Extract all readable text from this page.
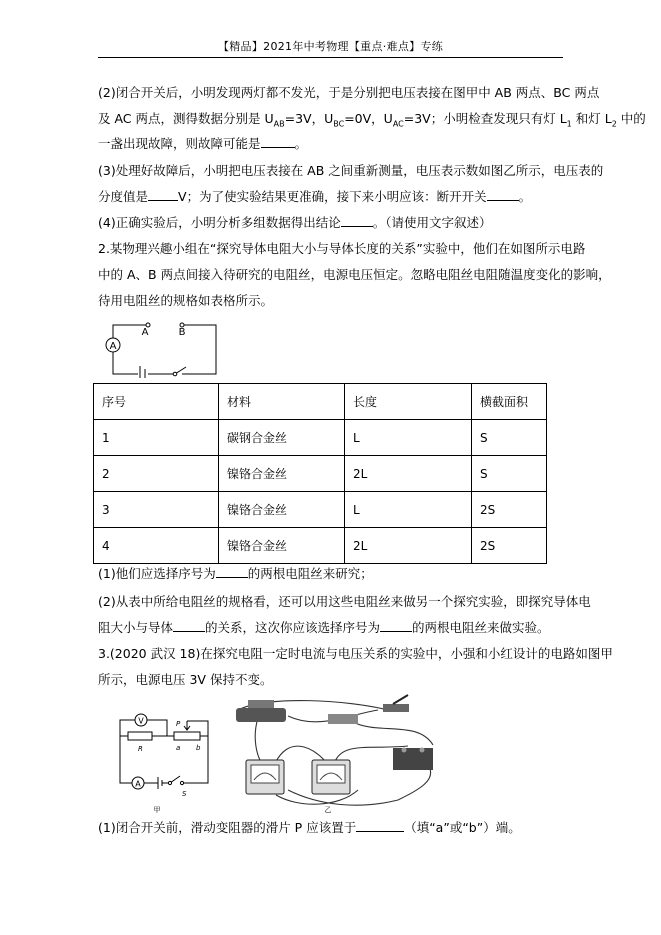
【精品】2021年中考物理【重点·难点】专练
(2)闭合开关后，小明发现两灯都不发光，于是分别把电压表接在图甲中 AB 两点、BC 两点
及 AC 两点，测得数据分别是 $U_{AB}=3V$，$U_{BC}=0V$，$U_{AC}=3V$；小明检查发现只有灯 $L_1$ 和灯 $L_2$ 中的
一盏出现故障，则故障可能是	。
(3)处理好故障后，小明把电压表接在 AB 之间重新测量，电压表示数如图乙所示，电压表的
分度值是 V；为了使实验结果更准确，接下来小明应该：断开开关	。
(4)正确实验后，小明分析多组数据得出结论	。（请使用文字叙述）
2.某物理兴趣小组在“探究导体电阻大小与导体长度的关系”实验中，他们在如图所示电路
中的 A、B 两点间接入待研究的电阻丝，电源电压恒定。忽略电阻丝电阻随温度变化的影响，
待用电阻丝的规格如表格所示。
A
A	B
序号	材料	长度	横截面积
1	碳钢合金丝	L	S
2	镍铬合金丝	2L	S
3	镍铬合金丝	L	2S
4	镍铬合金丝	2L	2S
(1)他们应选择序号为	的两根电阻丝来研究；
(2)从表中所给电阻丝的规格看，还可以用这些电阻丝来做另一个探究实验，即探究导体电
阻大小与导体	的关系，这次你应该选择序号为	的两根电阻丝来做实验。
3.(2020 武汉 18)在探究电阻一定时电流与电压关系的实验中，小强和小红设计的电路如图甲
所示，电源电压 3V 保持不变。
V
A
R
P
a b
S
甲	乙
(1)闭合开关前，滑动变阻器的滑片 P 应该置于	（填“a”或“b”）端。
